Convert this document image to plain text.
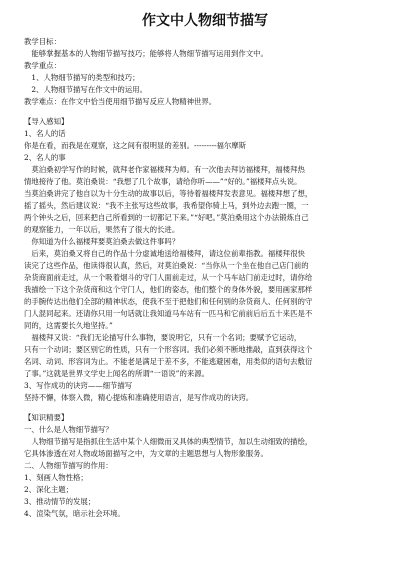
作文中人物细节描写
教学目标：
　能够掌握基本的人物细节描写技巧；能够将人物细节描写运用到作文中。
教学重点：
　1、人物细节描写的类型和技巧；
　2、人物细节描写在作文中的运用。
教学难点：在作文中恰当使用细节描写反应人物精神世界。
【导入感知】
1、名人的话
你是在看，而我是在观察，这之间有很明显的差别。---------福尔摩斯
2、名人的事
　莫泊桑初学写作的时候，就拜老作家福楼拜为师。有一次他去拜访福楼拜，福楼拜热
情地接待了他。莫泊桑说：“我想了几个故事，请给你听——”“好的。”福楼拜点头说。
当莫泊桑讲完了他自以为十分生动的故事以后，等待着福楼拜发表意见。福楼拜想了想，
摇了摇头，然后建议说：“我不主张写这些故事，我希望你骑上马，到外边去跑一圈，一
两个钟头之后，回来把自己所看到的一切都记下来。”“好吧。”莫泊桑用这个办法锻炼自己
的观察能力，一年以后，果然有了很大的长进。
　你知道为什么福楼拜要莫泊桑去做这件事吗？
　后来，莫泊桑又将自己的作品十分虚诚地送给福楼拜，请这位前辈指教。福楼拜很快
读完了这些作品，他读得很认真，然后，对莫泊桑说：“当你从一个坐在他自己店门前的
杂货商面前走过，从一个吸着烟斗的守门人面前走过，从一个马车站门前走过时，请你给
我描绘一下这个杂货商和这个守门人，他们的姿态，他们整个的身体外貌，要用画家那样
的手腕传达出他们全部的精神状态，使我不至于把他们和任何别的杂货商人、任何别的守
门人混同起来。还请你只用一句话就让我知道马车站有一匹马和它前前后后五十来匹是不
同的，这需要长久地坚持。”
　福楼拜又说：“我们无论描写什么事物，要说明它，只有一个名词；要赋予它运动，
只有一个动词；要区别它的性质，只有一个形容词。我们必须不断地推敲，直到获得这个
名词、动词、形容词为止。不能老是满足于差不多，不能逃避困难，用类似的语句去敷衍
了事。”这就是世界文学史上闻名的所谓“一语说”的来源。
3、写作成功的诀窍——细节描写
坚持不懈，体察入微，精心提炼和准确使用语言，是写作成功的诀窍。
【知识精要】
一、什么是人物细节描写？
　人物细节描写是指抓住生活中某个人细微而又具体的典型情节，加以生动细致的描绘，
它具体渗透在对人物或场面描写之中，为文章的主题思想与人物形象服务。
二、人物细节描写的作用：
1、刻画人物性格；
2、深化主题；
3、推动情节的发展；
4、渲染气氛，暗示社会环境。
